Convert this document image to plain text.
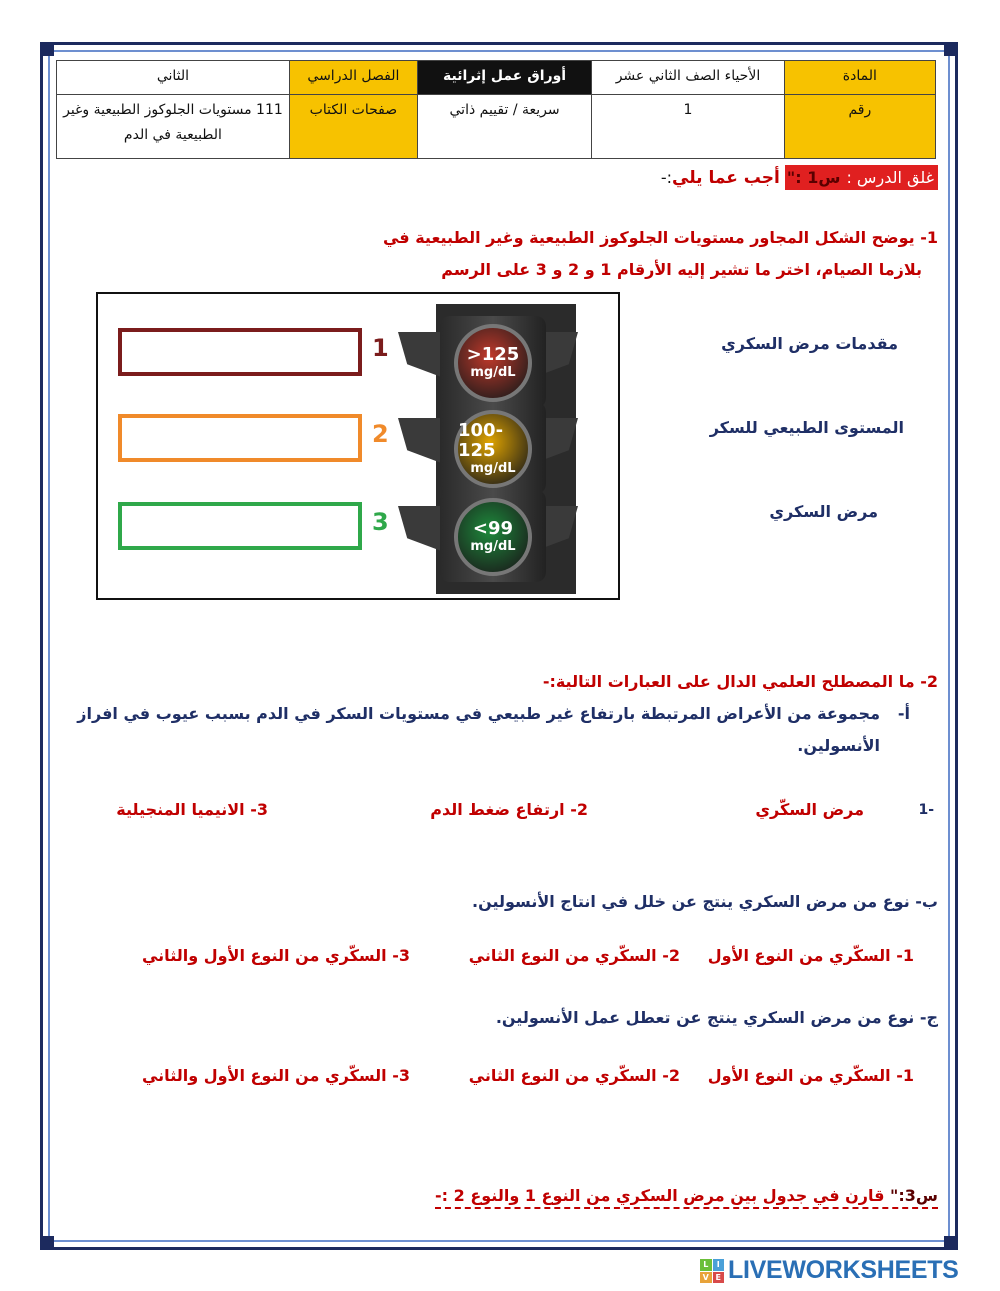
المادة	الأحياء الصف الثاني عشر	أوراق عمل إثرائية	الفصل الدراسي	الثاني
رقم	1	سريعة / تقييم ذاتي	صفحات الكتاب	111 مستويات الجلوكوز الطبيعية وغير الطبيعية في الدم
غلق الدرس :س1 :" أجب عما يلي:-
1- يوضح الشكل المجاور مستويات الجلوكوز الطبيعية وغير الطبيعية في
بلازما الصيام، اختر ما تشير إليه الأرقام 1 و 2 و 3 على الرسم
>125
mg/dL
1
100-125
mg/dL
2
<99
mg/dL
3
مقدمات مرض السكري
المستوى الطبيعي للسكر
مرض السكري
2- ما المصطلح العلمي الدال على العبارات التالية:-
أ-
مجموعة من الأعراض المرتبطة بارتفاع غير طبيعي في مستويات السكر في الدم بسبب عيوب في افراز
الأنسولين.
-1
مرض السكّري
2- ارتفاع ضغط الدم
3- الانيميا المنجيلية
ب- نوع من مرض السكري ينتج عن خلل في انتاج الأنسولين.
1- السكّري من النوع الأول
2- السكّري من النوع الثاني
3- السكّري من النوع الأول والثاني
ج- نوع من مرض السكري ينتج عن تعطل عمل الأنسولين.
1- السكّري من النوع الأول
2- السكّري من النوع الثاني
3- السكّري من النوع الأول والثاني
س3:" قارن في جدول بين مرض السكري من النوع 1 والنوع 2 :-
L	I
V E LIVEWORKSHEETS
